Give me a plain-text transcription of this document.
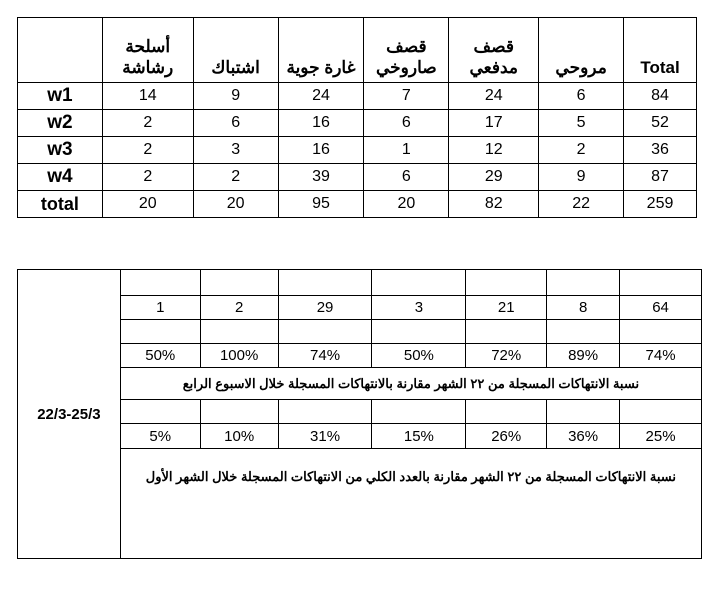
	أسلحة رشاشة	اشتباك	غارة جوية	قصف صاروخي	قصف مدفعي	مروحي	Total
w1	14	9	24	7	24	6	84
w2	2	6	16	6	17	5	52
w3	2	3	16	1	12	2	36
w4	2	2	39	6	29	9	87
total	20	20	95	20	82	22	259
22/3-25/3							
	1	2	29	3	21	8	64

	50%	100%	74%	50%	72%	89%	74%
	نسبة الانتهاكات المسجلة من ٢٢ الشهر مقارنة بالانتهاكات المسجلة خلال الاسبوع الرابع						

	5%	10%	31%	15%	26%	36%	25%
	نسبة الانتهاكات المسجلة من ٢٢ الشهر مقارنة بالعدد الكلي من الانتهاكات المسجلة خلال الشهر الأول						
